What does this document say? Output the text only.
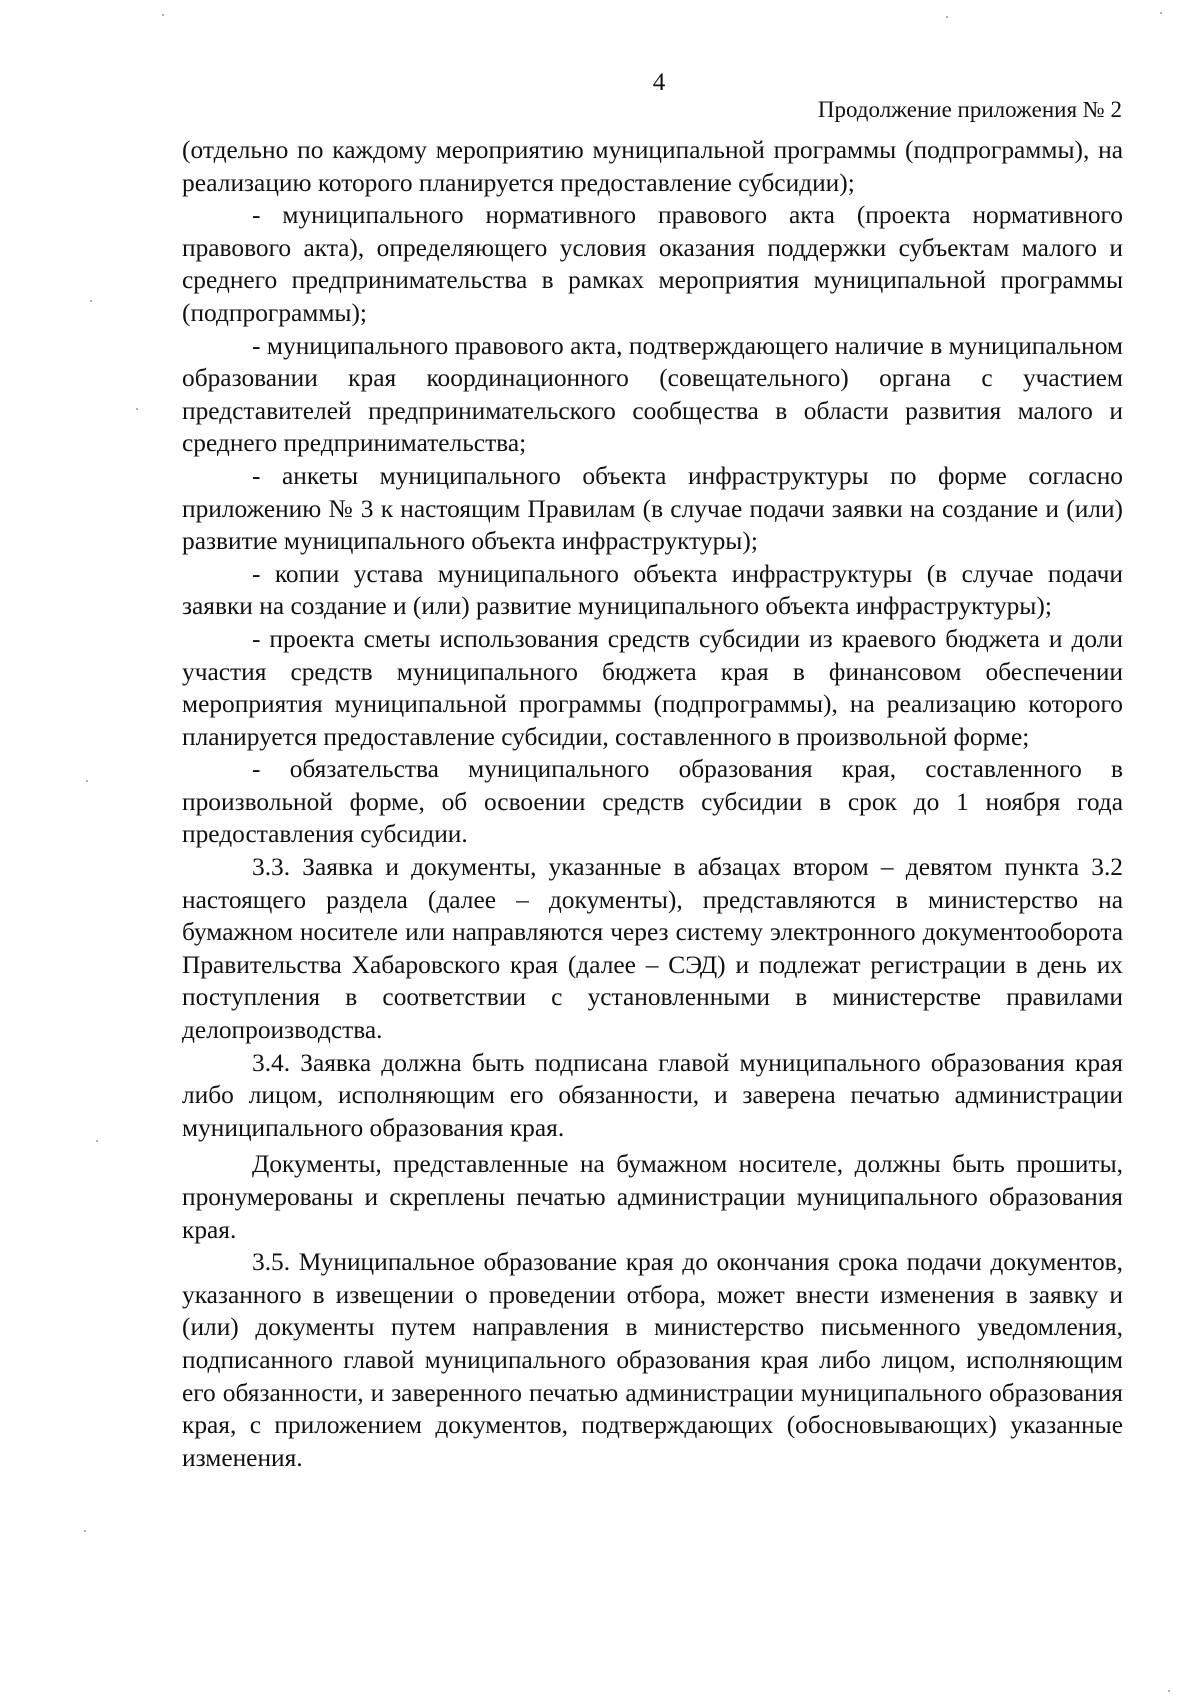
4
Продолжение приложения № 2

(отдельно по каждому мероприятию муниципальной программы (подпрограммы), на реализацию которого планируется предоставление субсидии);

- муниципального нормативного правового акта (проекта нормативного правового акта), определяющего условия оказания поддержки субъектам малого и среднего предпринимательства в рамках мероприятия муниципальной программы (подпрограммы);

- муниципального правового акта, подтверждающего наличие в муниципальном образовании края координационного (совещательного) органа с участием представителей предпринимательского сообщества в области развития малого и среднего предпринимательства;

- анкеты муниципального объекта инфраструктуры по форме согласно приложению № 3 к настоящим Правилам (в случае подачи заявки на создание и (или) развитие муниципального объекта инфраструктуры);

- копии устава муниципального объекта инфраструктуры (в случае подачи заявки на создание и (или) развитие муниципального объекта инфраструктуры);

- проекта сметы использования средств субсидии из краевого бюджета и доли участия средств муниципального бюджета края в финансовом обеспечении мероприятия муниципальной программы (подпрограммы), на реализацию которого планируется предоставление субсидии, составленного в произвольной форме;

- обязательства муниципального образования края, составленного в произвольной форме, об освоении средств субсидии в срок до 1 ноября года предоставления субсидии.

3.3. Заявка и документы, указанные в абзацах втором – девятом пункта 3.2 настоящего раздела (далее – документы), представляются в министерство на бумажном носителе или направляются через систему электронного документооборота Правительства Хабаровского края (далее – СЭД) и подлежат регистрации в день их поступления в соответствии с установленными в министерстве правилами делопроизводства.

3.4. Заявка должна быть подписана главой муниципального образования края либо лицом, исполняющим его обязанности, и заверена печатью администрации муниципального образования края.

Документы, представленные на бумажном носителе, должны быть прошиты, пронумерованы и скреплены печатью администрации муниципального образования края.

3.5. Муниципальное образование края до окончания срока подачи документов, указанного в извещении о проведении отбора, может внести изменения в заявку и (или) документы путем направления в министерство письменного уведомления, подписанного главой муниципального образования края либо лицом, исполняющим его обязанности, и заверенного печатью администрации муниципального образования края, с приложением документов, подтверждающих (обосновывающих) указанные изменения.
